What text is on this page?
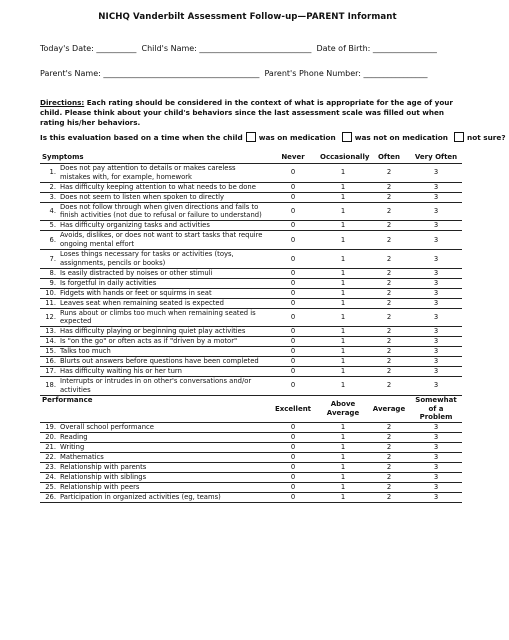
NICHQ Vanderbilt Assessment Follow-up—PARENT Informant
Today's Date: __________  Child's Name: ____________________________  Date of Birth: ________________
Parent's Name: _______________________________________  Parent's Phone Number: ________________
Directions: Each rating should be considered in the context of what is appropriate for the age of your child. Please think about your child's behaviors since the last assessment scale was filled out when rating his/her behaviors.
Is this evaluation based on a time when the child was on medication	was not on medication	not sure?
Symptoms		Never	Occasionally	Often	Very Often
1.	Does not pay attention to details or makes careless mistakes with, for example, homework	0	1	2	3
2.	Has difficulty keeping attention to what needs to be done	0	1	2	3
3.	Does not seem to listen when spoken to directly	0	1	2	3
4.	Does not follow through when given directions and fails to finish activities (not due to refusal or failure to understand)	0	1	2	3
5.	Has difficulty organizing tasks and activities	0	1	2	3
6.	Avoids, dislikes, or does not want to start tasks that require ongoing mental effort	0	1	2	3
7.	Loses things necessary for tasks or activities (toys, assignments, pencils or books)	0	1	2	3
8.	Is easily distracted by noises or other stimuli	0	1	2	3
9.	Is forgetful in daily activities	0	1	2	3
10.	Fidgets with hands or feet or squirms in seat	0	1	2	3
11.	Leaves seat when remaining seated is expected	0	1	2	3
12.	Runs about or climbs too much when remaining seated is expected	0	1	2	3
13.	Has difficulty playing or beginning quiet play activities	0	1	2	3
14.	Is "on the go" or often acts as if "driven by a motor"	0	1	2	3
15.	Talks too much	0	1	2	3
16.	Blurts out answers before questions have been completed	0	1	2	3
17.	Has difficulty waiting his or her turn	0	1	2	3
18.	Interrupts or intrudes in on other's conversations and/or activities	0	1	2	3
Performance		Excellent	Above Average	Average	Somewhat of a Problem
19.	Overall school performance	0	1	2	3
20.	Reading	0	1	2	3
21.	Writing	0	1	2	3
22.	Mathematics	0	1	2	3
23.	Relationship with parents	0	1	2	3
24.	Relationship with siblings	0	1	2	3
25.	Relationship with peers	0	1	2	3
26.	Participation in organized activities (eg, teams)	0	1	2	3
